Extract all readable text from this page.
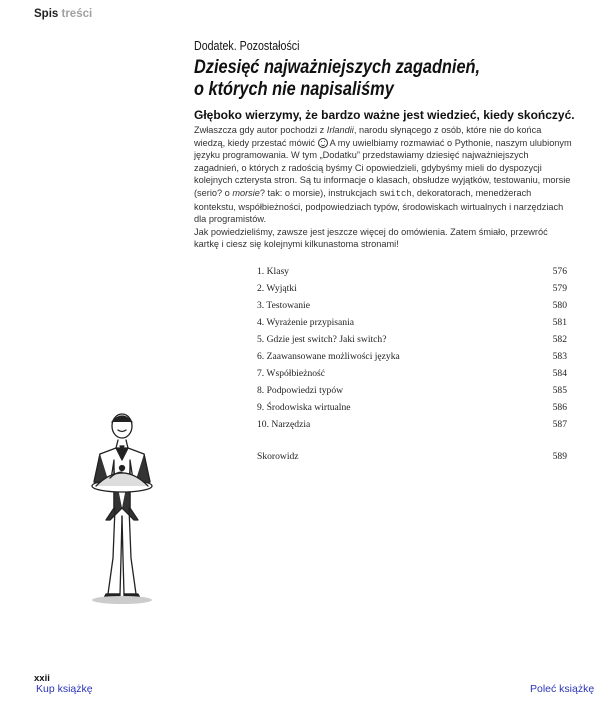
Spis treści
Dodatek. Pozostałości
Dziesięć najważniejszych zagadnień,
o których nie napisaliśmy
Głęboko wierzymy, że bardzo ważne jest wiedzieć, kiedy skończyć.

Zwłaszcza gdy autor pochodzi z Irlandii, narodu słynącego z osób, które nie do końca wiedzą, kiedy przestać mówić  A my uwielbiamy rozmawiać o Pythonie, naszym ulubionym języku programowania. W tym „Dodatku” przedstawiamy dziesięć najważniejszych zagadnień, o których z radością byśmy Ci opowiedzieli, gdybyśmy mieli do dyspozycji kolejnych czterysta stron. Są tu informacje o klasach, obsłudze wyjątków, testowaniu, morsie (serio? o morsie? tak: o morsie), instrukcjach switch, dekoratorach, menedżerach kontekstu, współbieżności, podpowiedziach typów, środowiskach wirtualnych i narzędziach dla programistów.

Jak powiedzieliśmy, zawsze jest jeszcze więcej do omówienia. Zatem śmiało, przewróć kartkę i ciesz się kolejnymi kilkunastoma stronami!

1. Klasy	576
2. Wyjątki	579
3. Testowanie	580
4. Wyrażenie przypisania	581
5. Gdzie jest switch? Jaki switch?	582
6. Zaawansowane możliwości języka	583
7. Współbieżność	584
8. Podpowiedzi typów	585
9. Środowiska wirtualne	586
10. Narzędzia	587
Skorowidz	589
xxii
Kup książkę	Poleć książkę
